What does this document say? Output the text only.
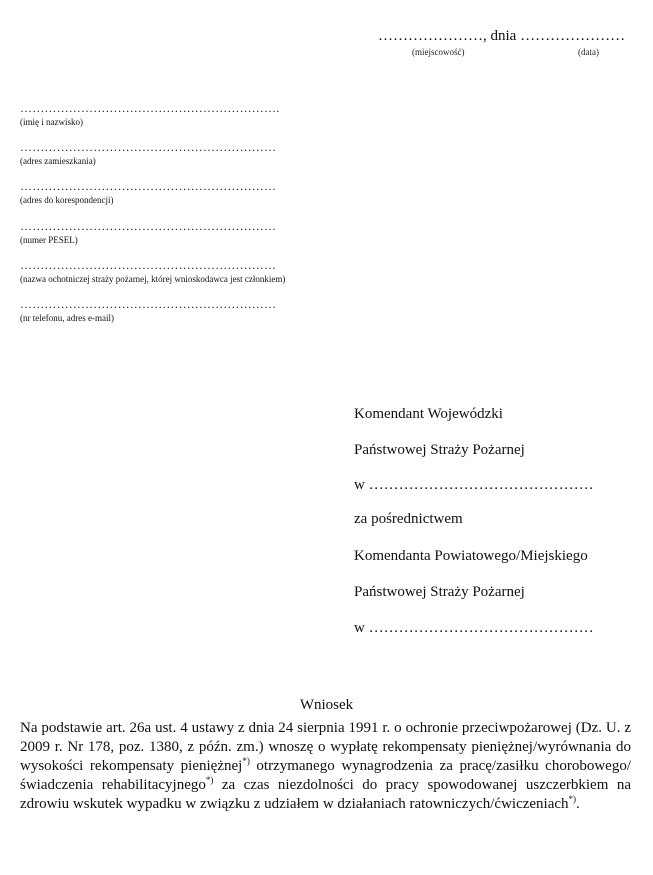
…………………, dnia …………………
(miejscowość)	(data)
……………………………………………………….
(imię i nazwisko)
………………………………………………………
(adres zamieszkania)
………………………………………………………
(adres do korespondencji)
………………………………………………………
(numer PESEL)
………………………………………………………
(nazwa ochotniczej straży pożarnej, której wnioskodawca jest członkiem)
………………………………………………………
(nr telefonu, adres e-mail)
Komendant Wojewódzki
Państwowej Straży Pożarnej
w ………………………………………
za pośrednictwem
Komendanta Powiatowego/Miejskiego
Państwowej Straży Pożarnej
w ………………………………………
Wniosek
Na podstawie art. 26a ust. 4 ustawy z dnia 24 sierpnia 1991 r. o ochronie przeciwpożarowej (Dz. U. z 2009 r. Nr 178, poz. 1380, z późn. zm.) wnoszę o wypłatę rekompensaty pieniężnej/wyrównania do wysokości rekompensaty pieniężnej*) otrzymanego wynagrodzenia za pracę/zasiłku chorobowego/świadczenia rehabilitacyjnego*) za czas niezdolności do pracy spowodowanej uszczerbkiem na zdrowiu wskutek wypadku w związku z udziałem w działaniach ratowniczych/ćwiczeniach*).
